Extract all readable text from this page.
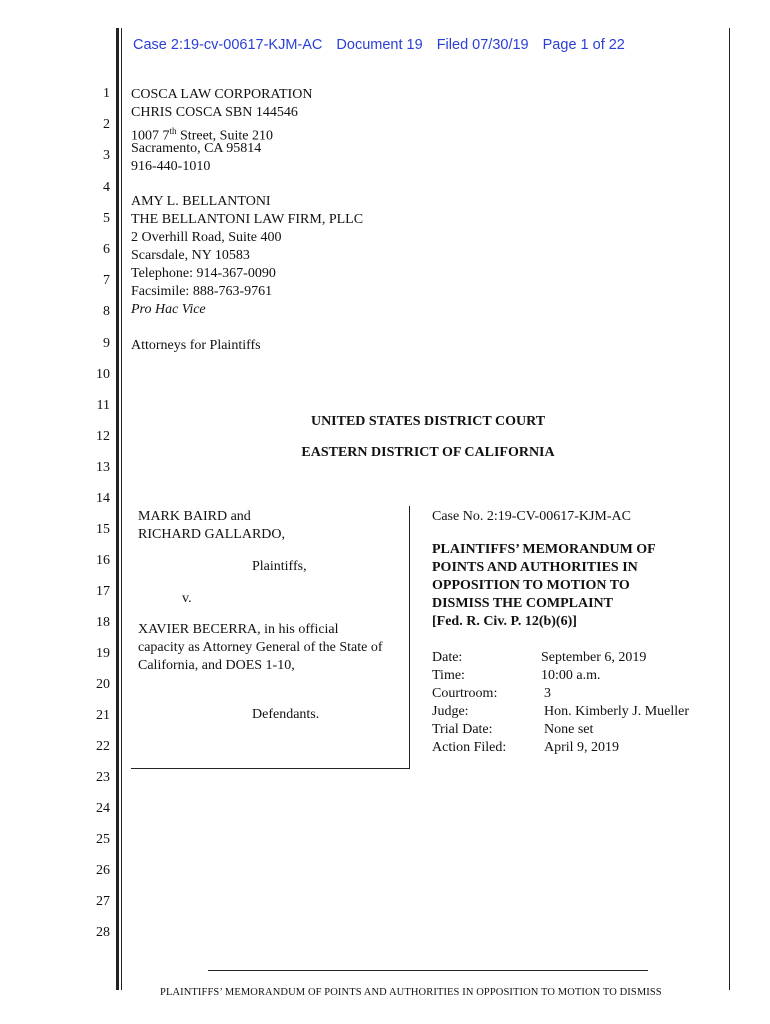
Case 2:19-cv-00617-KJM-AC Document 19 Filed 07/30/19 Page 1 of 22
1
2
3
4
5
6
7
8
9
10
11
12
13
14
15
16
17
18
19
20
21
22
23
24
25
26
27
28
COSCA LAW CORPORATION
CHRIS COSCA SBN 144546
1007 7th Street, Suite 210
Sacramento, CA 95814
916-440-1010
AMY L. BELLANTONI
THE BELLANTONI LAW FIRM, PLLC
2 Overhill Road, Suite 400
Scarsdale, NY 10583
Telephone: 914-367-0090
Facsimile: 888-763-9761
Pro Hac Vice
Attorneys for Plaintiffs
UNITED STATES DISTRICT COURT
EASTERN DISTRICT OF CALIFORNIA
MARK BAIRD and
RICHARD GALLARDO,
Plaintiffs,
v.
XAVIER BECERRA, in his official
capacity as Attorney General of the State of
California, and DOES 1-10,
Defendants.
Case No. 2:19-CV-00617-KJM-AC
PLAINTIFFS’ MEMORANDUM OF
POINTS AND AUTHORITIES IN
OPPOSITION TO MOTION TO
DISMISS THE COMPLAINT
[Fed. R. Civ. P. 12(b)(6)]
Date:	September 6, 2019
Time:	10:00 a.m.
Courtroom:	3
Judge:	Hon. Kimberly J. Mueller
Trial Date:	None set
Action Filed:	April 9, 2019
PLAINTIFFS’ MEMORANDUM OF POINTS AND AUTHORITIES IN OPPOSITION TO MOTION TO DISMISS
